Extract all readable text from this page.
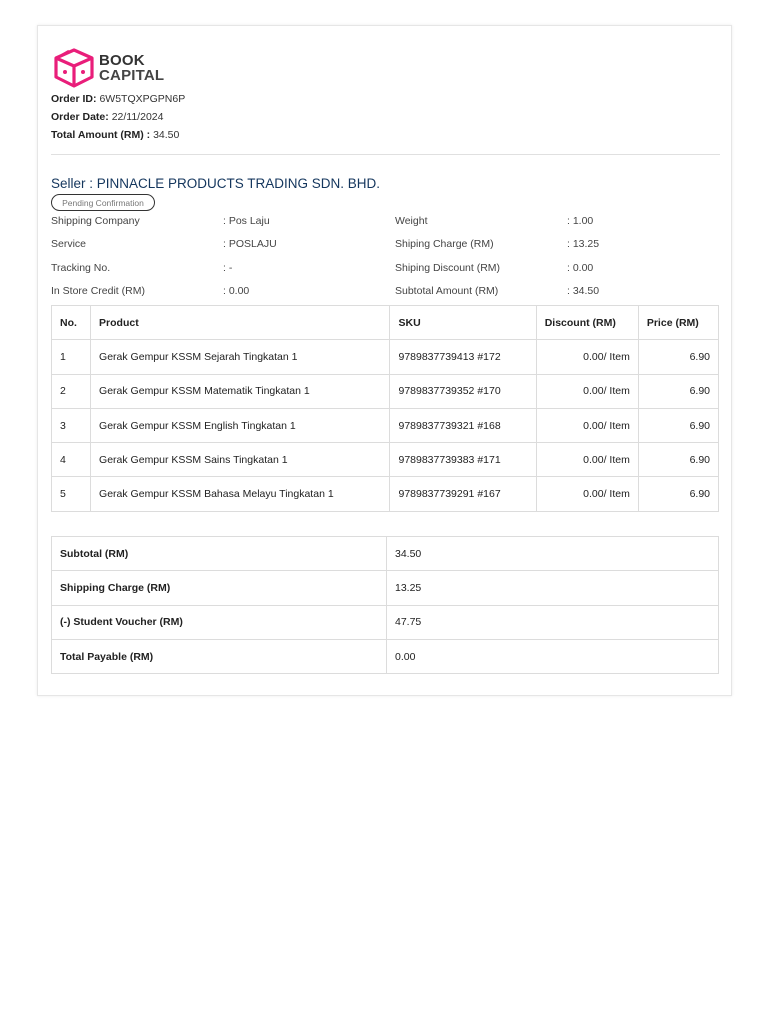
BOOK
CAPITAL
Order ID: 6W5TQXPGPN6P
Order Date: 22/11/2024
Total Amount (RM) : 34.50
Seller : PINNACLE PRODUCTS TRADING SDN. BHD.
Pending Confirmation
Shipping Company	: Pos Laju	Weight	: 1.00
Service	: POSLAJU	Shiping Charge (RM)	: 13.25
Tracking No.	: -	Shiping Discount (RM)	: 0.00
In Store Credit (RM)	: 0.00	Subtotal Amount (RM)	: 34.50
No.	Product	SKU	Discount (RM)	Price (RM)
1	Gerak Gempur KSSM Sejarah Tingkatan 1	9789837739413 #172	0.00/ Item	6.90
2	Gerak Gempur KSSM Matematik Tingkatan 1	9789837739352 #170	0.00/ Item	6.90
3	Gerak Gempur KSSM English Tingkatan 1	9789837739321 #168	0.00/ Item	6.90
4	Gerak Gempur KSSM Sains Tingkatan 1	9789837739383 #171	0.00/ Item	6.90
5	Gerak Gempur KSSM Bahasa Melayu Tingkatan 1	9789837739291 #167	0.00/ Item	6.90
Subtotal (RM)	34.50
Shipping Charge (RM)	13.25
(-) Student Voucher (RM)	47.75
Total Payable (RM)	0.00
